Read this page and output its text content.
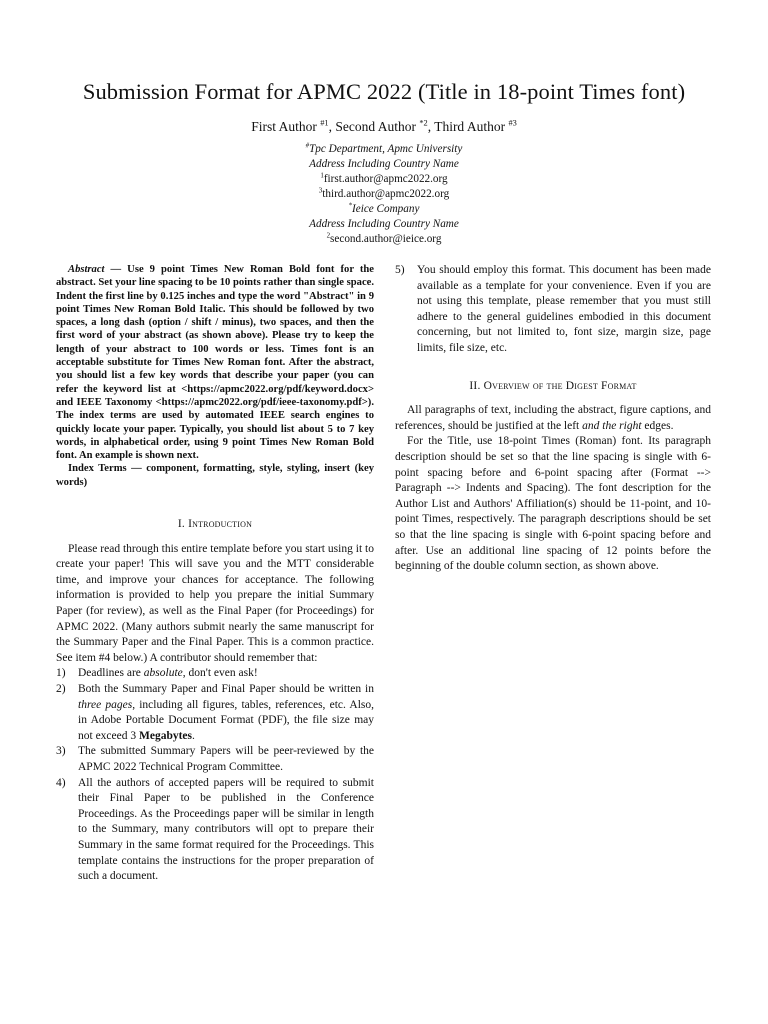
Submission Format for APMC 2022 (Title in 18-point Times font)
First Author $^{\#1}$, Second Author $^{*2}$, Third Author $^{\#3}$
#Tpc Department, Apmc University
Address Including Country Name
$^1$first.author@apmc2022.org
$^3$third.author@apmc2022.org
*Ieice Company
Address Including Country Name
$^2$second.author@ieice.org

Abstract — Use 9 point Times New Roman Bold font for the abstract. Set your line spacing to be 10 points rather than single space. Indent the first line by 0.125 inches and type the word "Abstract" in 9 point Times New Roman Bold Italic. This should be followed by two spaces, a long dash (option / shift / minus), two spaces, and then the first word of your abstract (as shown above). Please try to keep the length of your abstract to 100 words or less. Times font is an acceptable substitute for Times New Roman font. After the abstract, you should list a few key words that describe your paper (you can refer the keyword list at <https://apmc2022.org/pdf/keyword.docx> and IEEE Taxonomy <https://apmc2022.org/pdf/ieee-taxonomy.pdf>). The index terms are used by automated IEEE search engines to quickly locate your paper. Typically, you should list about 5 to 7 key words, in alphabetical order, using 9 point Times New Roman Bold font. An example is shown next.

Index Terms — component, formatting, style, styling, insert (key words)

I. Introduction

Please read through this entire template before you start using it to create your paper! This will save you and the MTT considerable time, and improve your chances for acceptance. The following information is provided to help you prepare the initial Summary Paper (for review), as well as the Final Paper (for Proceedings) for APMC 2022. (Many authors submit nearly the same manuscript for the Summary Paper and the Final Paper. This is a common practice. See item #4 below.) A contributor should remember that:

1) Deadlines are absolute, don't even ask!
2) Both the Summary Paper and Final Paper should be written in three pages, including all figures, tables, references, etc. Also, in Adobe Portable Document Format (PDF), the file size may not exceed 3 Megabytes.
3) The submitted Summary Papers will be peer-reviewed by the APMC 2022 Technical Program Committee.
4) All the authors of accepted papers will be required to submit their Final Paper to be published in the Conference Proceedings. As the Proceedings paper will be similar in length to the Summary, many contributors will opt to prepare their Summary in the same format required for the Proceedings. This template contains the instructions for the proper preparation of such a document.
5) You should employ this format. This document has been made available as a template for your convenience. Even if you are not using this template, please remember that you must still adhere to the general guidelines embodied in this document concerning, but not limited to, font size, margin size, page limits, file size, etc.

II. Overview of the Digest Format

All paragraphs of text, including the abstract, figure captions, and references, should be justified at the left and the right edges.

For the Title, use 18-point Times (Roman) font. Its paragraph description should be set so that the line spacing is single with 6-point spacing before and 6-point spacing after (Format --> Paragraph --> Indents and Spacing). The font description for the Author List and Authors' Affiliation(s) should be 11-point, and 10-point Times, respectively. The paragraph descriptions should be set so that the line spacing is single with 6-point spacing before and after. Use an additional line spacing of 12 points before the beginning of the double column section, as shown above.
